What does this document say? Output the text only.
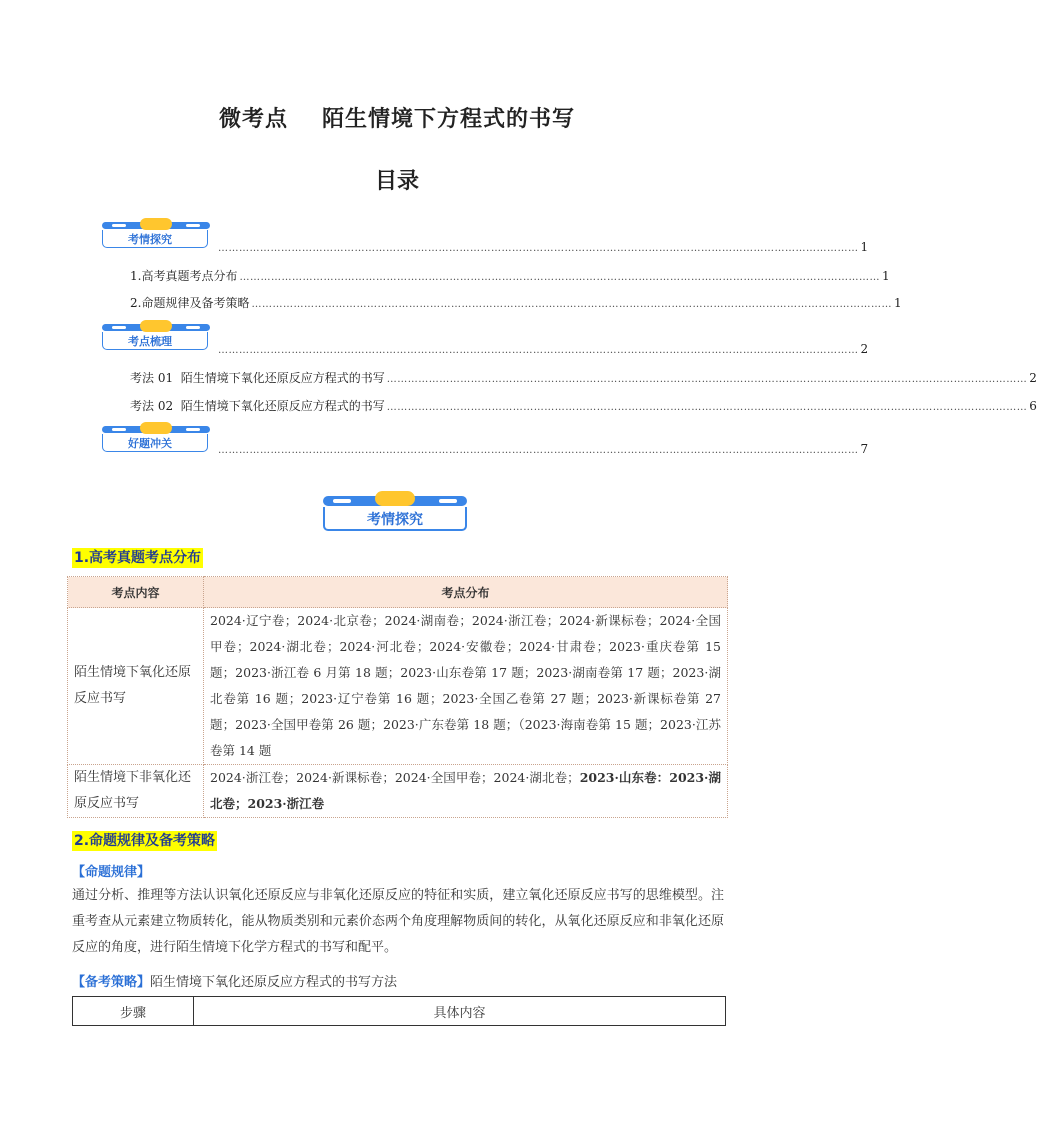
微考点 陌生情境下方程式的书写
目录
考情探究
………………………………………………………………………………………………………………………………………………………………… 1
1.高考真题考点分布 ………………………………………………………………………………………………………………………………………………………………… 1
2.命题规律及备考策略 ………………………………………………………………………………………………………………………………………………………………… 1
考点梳理
………………………………………………………………………………………………………………………………………………………………… 2
考法 01  陌生情境下氧化还原反应方程式的书写 ………………………………………………………………………………………………………………………………………………………………… 2
考法 02  陌生情境下氧化还原反应方程式的书写 ………………………………………………………………………………………………………………………………………………………………… 6
好题冲关
………………………………………………………………………………………………………………………………………………………………… 7
考情探究
1.高考真题考点分布
考点内容	考点分布
陌生情境下氧化还原反应书写	2024·辽宁卷；2024·北京卷；2024·湖南卷；2024·浙江卷；2024·新课标卷；2024·全国甲卷；2024·湖北卷；2024·河北卷；2024·安徽卷；2024·甘肃卷；2023·重庆卷第 15 题；2023·浙江卷 6 月第 18 题；2023·山东卷第 17 题；2023·湖南卷第 17 题；2023·湖北卷第 16 题；2023·辽宁卷第 16 题；2023·全国乙卷第 27 题；2023·新课标卷第 27 题；2023·全国甲卷第 26 题；2023·广东卷第 18 题；（2023·海南卷第 15 题；2023·江苏卷第 14 题
陌生情境下非氧化还原反应书写	2024·浙江卷；2024·新课标卷；2024·全国甲卷；2024·湖北卷；2023·山东卷：2023·湖北卷；2023·浙江卷
2.命题规律及备考策略
【命题规律】

通过分析、推理等方法认识氧化还原反应与非氧化还原反应的特征和实质，建立氧化还原反应书写的思维模型。注重考查从元素建立物质转化，能从物质类别和元素价态两个角度理解物质间的转化，从氧化还原反应和非氧化还原反应的角度，进行陌生情境下化学方程式的书写和配平。

【备考策略】陌生情境下氧化还原反应方程式的书写方法
步骤	具体内容
